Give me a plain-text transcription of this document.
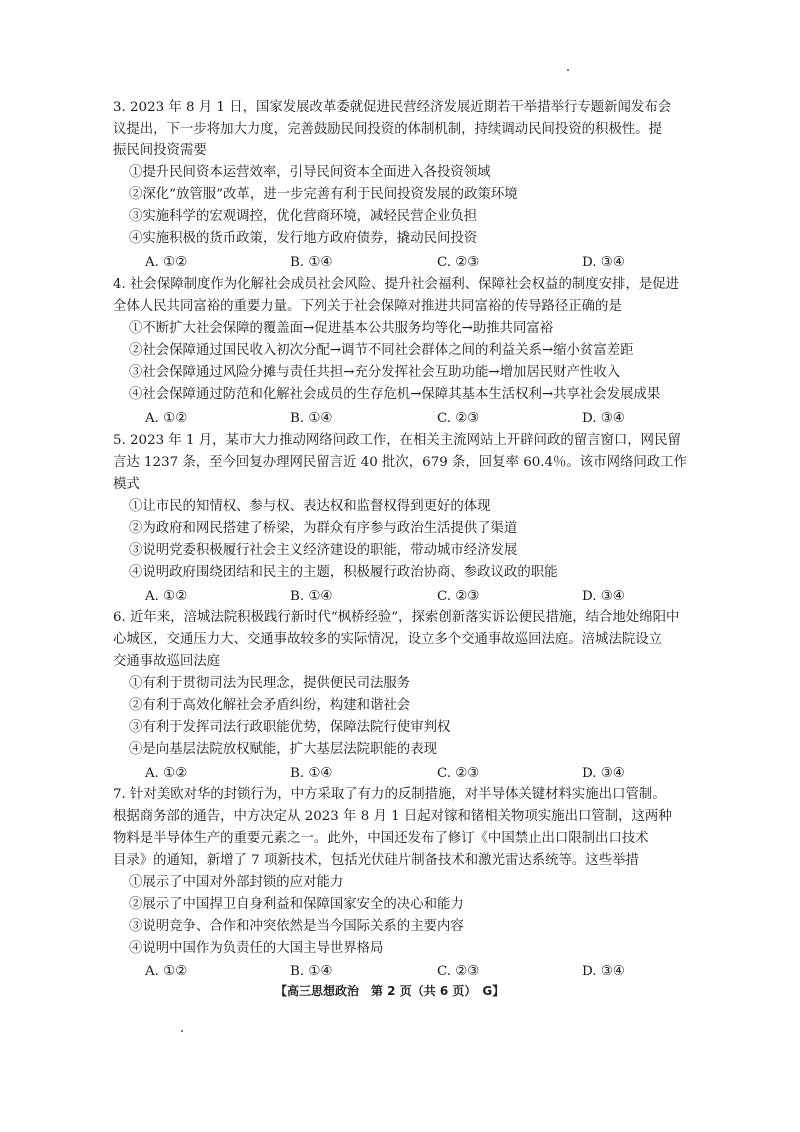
3. 2023 年 8 月 1 日，国家发展改革委就促进民营经济发展近期若干举措举行专题新闻发布会
议提出，下一步将加大力度，完善鼓励民间投资的体制机制，持续调动民间投资的积极性。提
振民间投资需要
①提升民间资本运营效率，引导民间资本全面进入各投资领域
②深化“放管服”改革，进一步完善有利于民间投资发展的政策环境
③实施科学的宏观调控，优化营商环境，减轻民营企业负担
④实施积极的货币政策，发行地方政府债券，撬动民间投资
A. ①②	B. ①④	C. ②③	D. ③④
4. 社会保障制度作为化解社会成员社会风险、提升社会福利、保障社会权益的制度安排，是促进
全体人民共同富裕的重要力量。下列关于社会保障对推进共同富裕的传导路径正确的是
①不断扩大社会保障的覆盖面→促进基本公共服务均等化→助推共同富裕
②社会保障通过国民收入初次分配→调节不同社会群体之间的利益关系→缩小贫富差距
③社会保障通过风险分摊与责任共担→充分发挥社会互助功能→增加居民财产性收入
④社会保障通过防范和化解社会成员的生存危机→保障其基本生活权利→共享社会发展成果
A. ①②	B. ①④	C. ②③	D. ③④
5. 2023 年 1 月，某市大力推动网络问政工作，在相关主流网站上开辟问政的留言窗口，网民留
言达 1237 条，至今回复办理网民留言近 40 批次，679 条，回复率 60.4％。该市网络问政工作
模式
①让市民的知情权、参与权、表达权和监督权得到更好的体现
②为政府和网民搭建了桥梁，为群众有序参与政治生活提供了渠道
③说明党委积极履行社会主义经济建设的职能，带动城市经济发展
④说明政府围绕团结和民主的主题，积极履行政治协商、参政议政的职能
A. ①②	B. ①④	C. ②③	D. ③④
6. 近年来，涪城法院积极践行新时代“枫桥经验”，探索创新落实诉讼便民措施，结合地处绵阳中
心城区，交通压力大、交通事故较多的实际情况，设立多个交通事故巡回法庭。涪城法院设立
交通事故巡回法庭
①有利于贯彻司法为民理念，提供便民司法服务
②有利于高效化解社会矛盾纠纷，构建和谐社会
③有利于发挥司法行政职能优势，保障法院行使审判权
④是向基层法院放权赋能，扩大基层法院职能的表现
A. ①②	B. ①④	C. ②③	D. ③④
7. 针对美欧对华的封锁行为，中方采取了有力的反制措施，对半导体关键材料实施出口管制。
根据商务部的通告，中方决定从 2023 年 8 月 1 日起对镓和锗相关物项实施出口管制，这两种
物料是半导体生产的重要元素之一。此外，中国还发布了修订《中国禁止出口限制出口技术
目录》的通知，新增了 7 项新技术，包括光伏硅片制备技术和激光雷达系统等。这些举措
①展示了中国对外部封锁的应对能力
②展示了中国捍卫自身利益和保障国家安全的决心和能力
③说明竞争、合作和冲突依然是当今国际关系的主要内容
④说明中国作为负责任的大国主导世界格局
A. ①②	B. ①④	C. ②③	D. ③④
【高三思想政治　第 2 页（共 6 页）　G】
